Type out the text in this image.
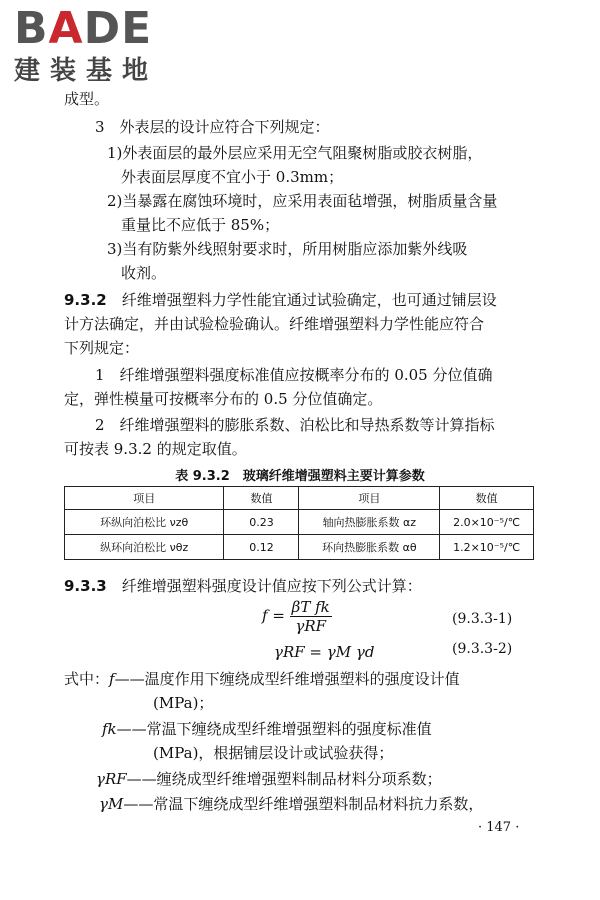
BADE
建装基地
成型。
3　外表层的设计应符合下列规定：
1)外表面层的最外层应采用无空气阻聚树脂或胶衣树脂，
外表面层厚度不宜小于 0.3mm；
2)当暴露在腐蚀环境时，应采用表面毡增强，树脂质量含量
重量比不应低于 85%；
3)当有防紫外线照射要求时，所用树脂应添加紫外线吸
收剂。
9.3.2　 纤维增强塑料力学性能宜通过试验确定，也可通过铺层设
计方法确定，并由试验检验确认。纤维增强塑料力学性能应符合
下列规定：
1　纤维增强塑料强度标准值应按概率分布的 0.05 分位值确
定，弹性模量可按概率分布的 0.5 分位值确定。
2　纤维增强塑料的膨胀系数、泊松比和导热系数等计算指标
可按表 9.3.2 的规定取值。
表 9.3.2　玻璃纤维增强塑料主要计算参数
项目	数值	项目	数值
环纵向泊松比 νzθ	0.23	轴向热膨胀系数 αz	2.0×10⁻⁵/℃
纵环向泊松比 νθz	0.12	环向热膨胀系数 αθ	1.2×10⁻⁵/℃
9.3.3　 纤维增强塑料强度设计值应按下列公式计算：
$f = \frac{\text{βT fk}}{\text{γRF}}$	(9.3.3-1)
γRF = γM γd	(9.3.3-2)
式中：f——温度作用下缠绕成型纤维增强塑料的强度设计值
(MPa)；
fk——常温下缠绕成型纤维增强塑料的强度标准值
(MPa)，根据铺层设计或试验获得；
γRF——缠绕成型纤维增强塑料制品材料分项系数；
γM——常温下缠绕成型纤维增强塑料制品材料抗力系数，
· 147 ·
